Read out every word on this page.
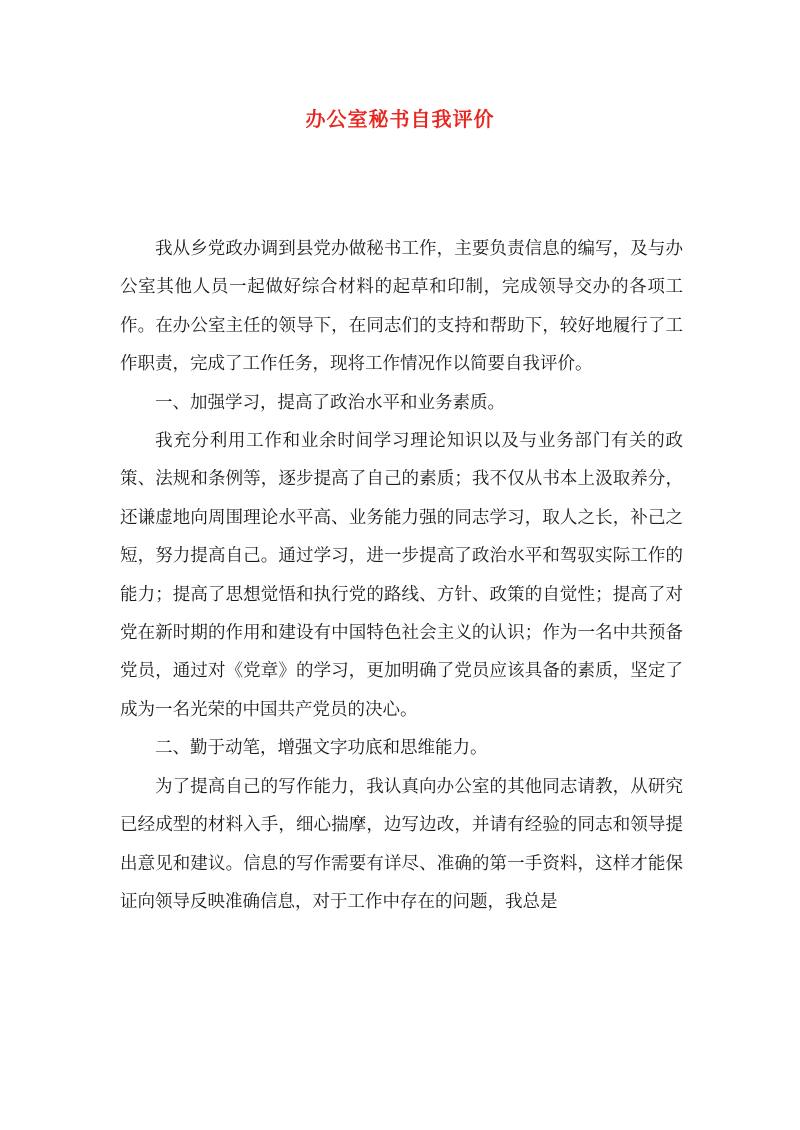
办公室秘书自我评价

我从乡党政办调到县党办做秘书工作，主要负责信息的编写，及与办公室其他人员一起做好综合材料的起草和印制，完成领导交办的各项工作。在办公室主任的领导下，在同志们的支持和帮助下，较好地履行了工作职责，完成了工作任务，现将工作情况作以简要自我评价。

一、加强学习，提高了政治水平和业务素质。

我充分利用工作和业余时间学习理论知识以及与业务部门有关的政策、法规和条例等，逐步提高了自己的素质；我不仅从书本上汲取养分，还谦虚地向周围理论水平高、业务能力强的同志学习，取人之长，补己之短，努力提高自己。通过学习，进一步提高了政治水平和驾驭实际工作的能力；提高了思想觉悟和执行党的路线、方针、政策的自觉性；提高了对党在新时期的作用和建设有中国特色社会主义的认识；作为一名中共预备党员，通过对《党章》的学习，更加明确了党员应该具备的素质，坚定了成为一名光荣的中国共产党员的决心。

二、勤于动笔，增强文字功底和思维能力。

为了提高自己的写作能力，我认真向办公室的其他同志请教，从研究已经成型的材料入手，细心揣摩，边写边改，并请有经验的同志和领导提出意见和建议。信息的写作需要有详尽、准确的第一手资料，这样才能保证向领导反映准确信息，对于工作中存在的问题，我总是
